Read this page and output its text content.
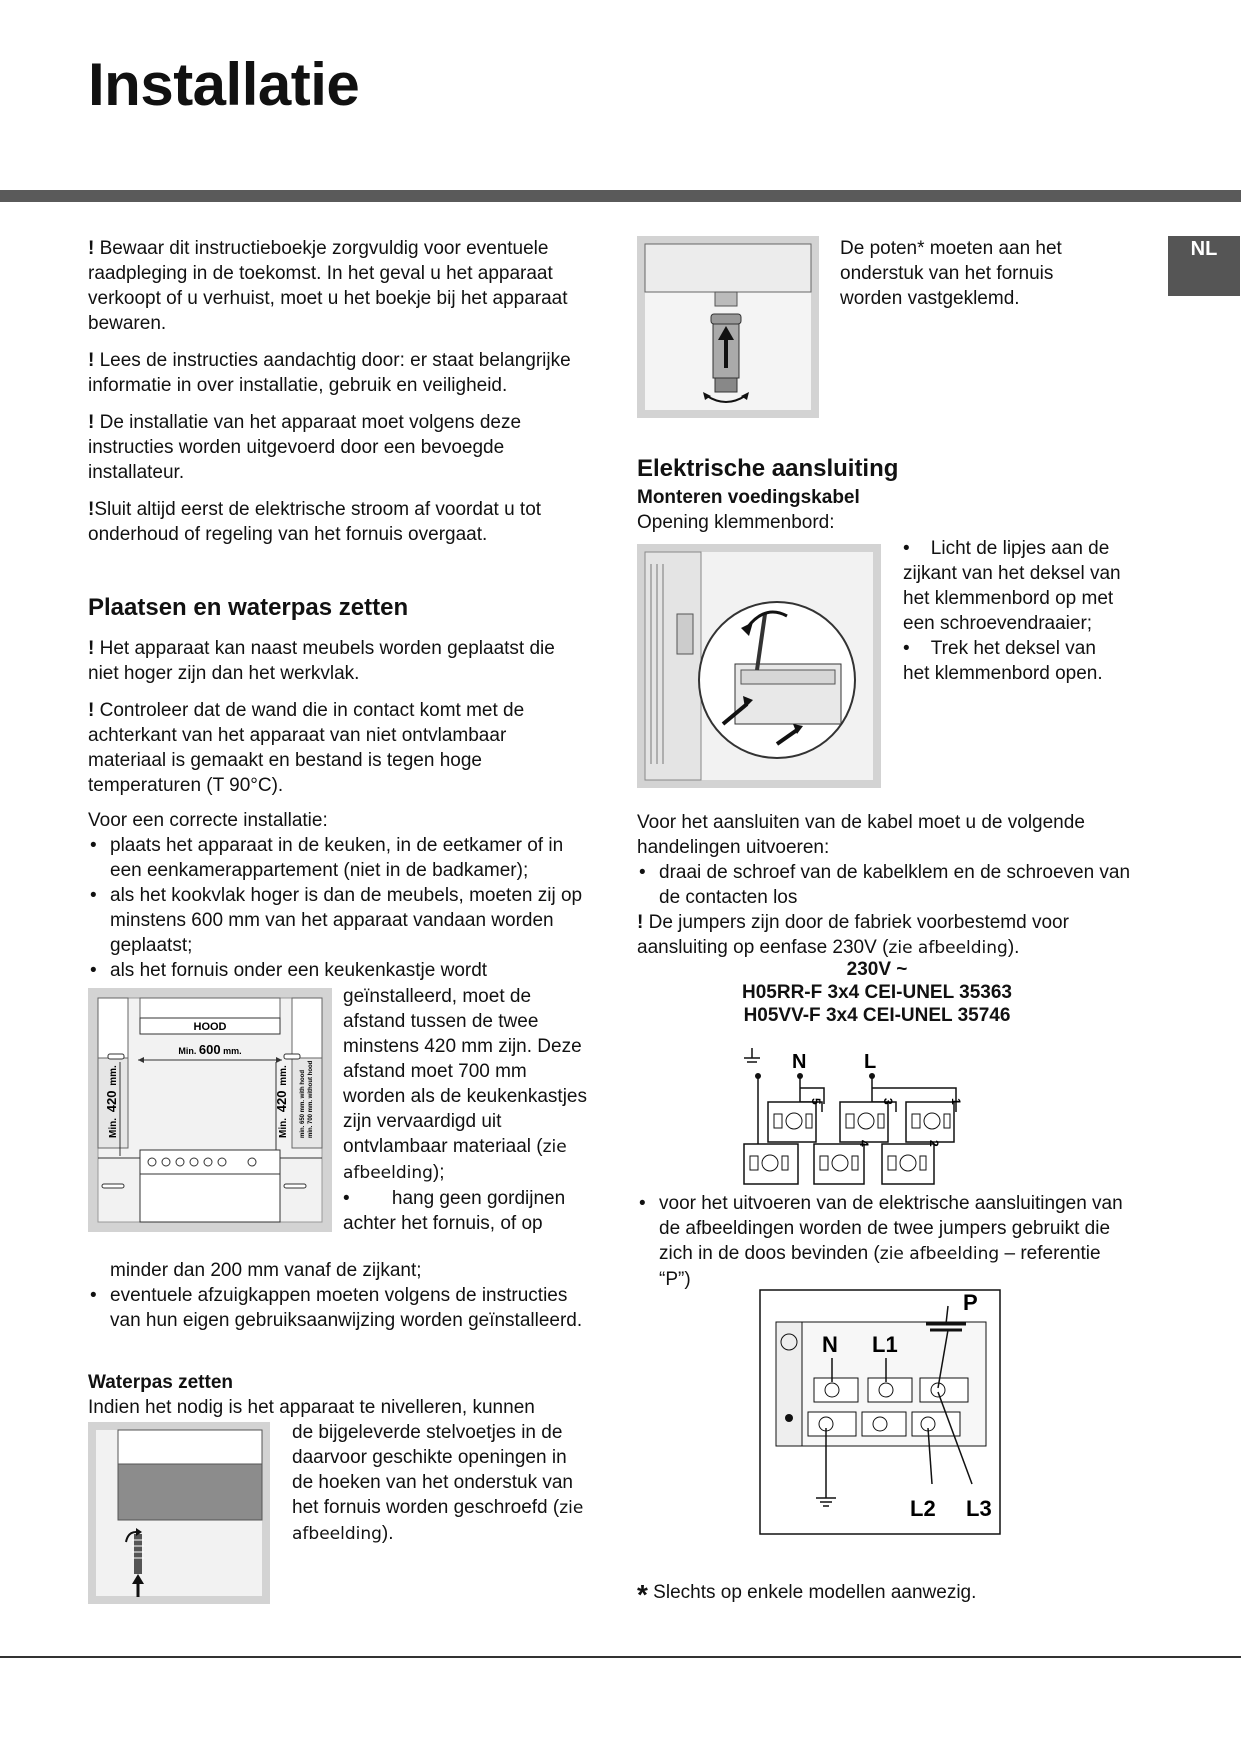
Installatie
NL

! Bewaar dit instructieboekje zorgvuldig voor eventuele raadpleging in de toekomst. In het geval u het apparaat verkoopt of u verhuist, moet u het boekje bij het apparaat bewaren.

! Lees de instructies aandachtig door: er staat belangrijke informatie in over installatie, gebruik en veiligheid.

! De installatie van het apparaat moet volgens deze instructies worden uitgevoerd door een bevoegde installateur.

!Sluit altijd eerst de elektrische stroom af voordat u tot onderhoud of regeling van het fornuis overgaat.

Plaatsen en waterpas zetten

! Het apparaat kan naast meubels worden geplaatst die niet hoger zijn dan het werkvlak.

! Controleer dat de wand die in contact komt met de achterkant van het apparaat van niet ontvlambaar materiaal is gemaakt en bestand is tegen hoge temperaturen (T 90°C).

Voor een correcte installatie:

• plaats het apparaat in de keuken, in de eetkamer of in een eenkamerappartement (niet in de badkamer);
• als het kookvlak hoger is dan de meubels, moeten zij op minstens 600 mm van het apparaat vandaan worden geplaatst;
• als het fornuis onder een keukenkastje wordt
HOOD
Min. 600 mm.
Min. 420 mm.
Min. 420 mm. min. 650 mm. with hood min. 700 mm. without hood

geïnstalleerd, moet de afstand tussen de twee minstens 420 mm zijn. Deze afstand moet 700 mm worden als de keukenkastjes zijn vervaardigd uit ontvlambaar materiaal (zie afbeelding);

•        hang geen gordijnen achter het fornuis, of op

minder dan 200 mm vanaf de zijkant;

• eventuele afzuigkappen moeten volgens de instructies van hun eigen gebruiksaanwijzing worden geïnstalleerd.
Waterpas zetten

Indien het nodig is het apparaat te nivelleren, kunnen

de bijgeleverde stelvoetjes in de daarvoor geschikte openingen in de hoeken van het onderstuk van het fornuis worden geschroefd (zie afbeelding).

De poten* moeten aan het onderstuk van het fornuis worden vastgeklemd.

Elektrische aansluiting
Monteren voedingskabel

Opening klemmenbord:

•    Licht de lipjes aan de zijkant van het deksel van het klemmenbord op met een schroevendraaier;

•    Trek het deksel van het klemmenbord open.

Voor het aansluiten van de kabel moet u de volgende handelingen uitvoeren:

• draai de schroef van de kabelklem en de schroeven van de contacten los

! De jumpers zijn door de fabriek voorbestemd voor aansluiting op eenfase 230V (zie afbeelding).

230V ~
H05RR-F 3x4 CEI-UNEL 35363
H05VV-F 3x4 CEI-UNEL 35746
N	L
5	3	1
4	2
• voor het uitvoeren van de elektrische aansluitingen van de afbeeldingen worden de twee jumpers gebruikt die zich in de doos bevinden (zie afbeelding – referentie “P”)
P
N L1
L2 L3

* Slechts op enkele modellen aanwezig.
